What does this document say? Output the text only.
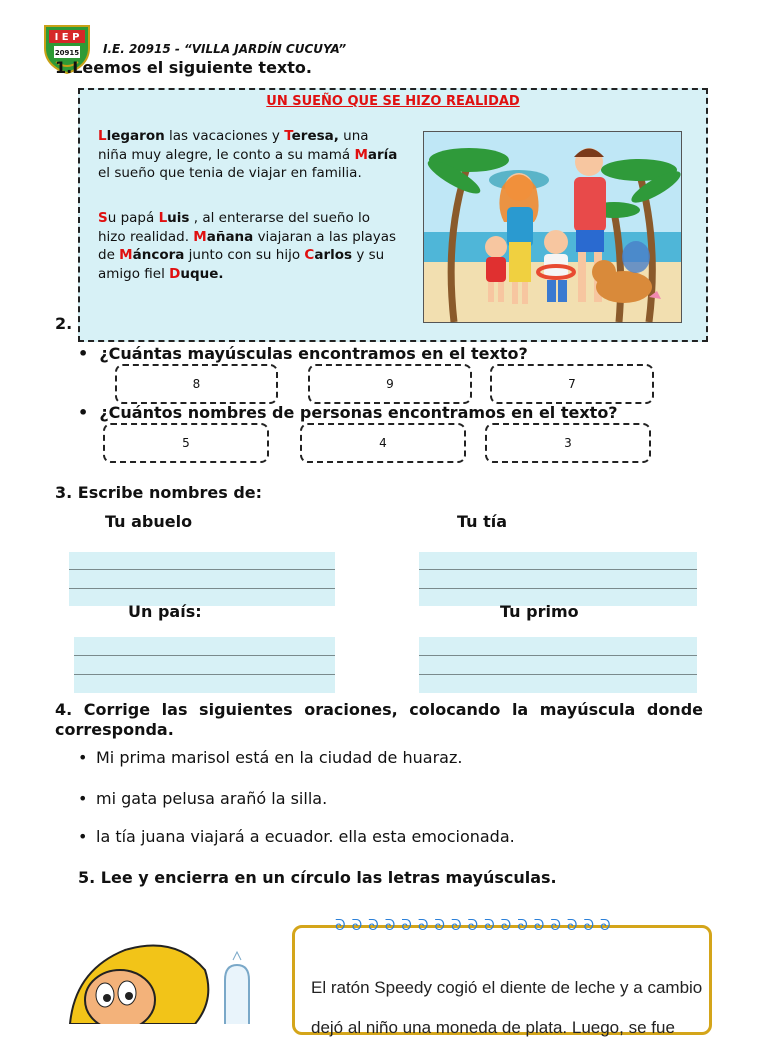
I E P
20915 I.E. 20915 - “VILLA JARDÍN CUCUYA”
1.Leemos el siguiente texto.
UN SUEÑO QUE SE HIZO REALIDAD
Llegaron las vacaciones y Teresa, una niña muy alegre, le conto a su mamá María el sueño que tenia de viajar en familia.
Su papá Luis , al enterarse del sueño lo hizo realidad. Mañana viajaran a las playas de Máncora junto con su hijo Carlos y su amigo fiel Duque.
2.
•  ¿Cuántas mayúsculas encontramos en el texto?
8	9	7
•  ¿Cuántos nombres de personas encontramos en el texto?
5	4	3
3. Escribe nombres de:
Tu abuelo	Tu tía
Un país:	Tu primo
4. Corrige las siguientes oraciones, colocando la mayúscula donde corresponda.
• Mi prima marisol está en la ciudad de huaraz.
• mi gata pelusa arañó la silla.
• la tía juana viajará a ecuador. ella esta emocionada.
5. Lee y encierra en un círculo las letras mayúsculas.
ᘐ ᘐ ᘐ ᘐ ᘐ ᘐ ᘐ ᘐ ᘐ ᘐ ᘐ ᘐ ᘐ ᘐ ᘐ ᘐ ᘐ
El ratón Speedy cogió el diente de leche y a cambio dejó al niño una moneda de plata. Luego, se fue
